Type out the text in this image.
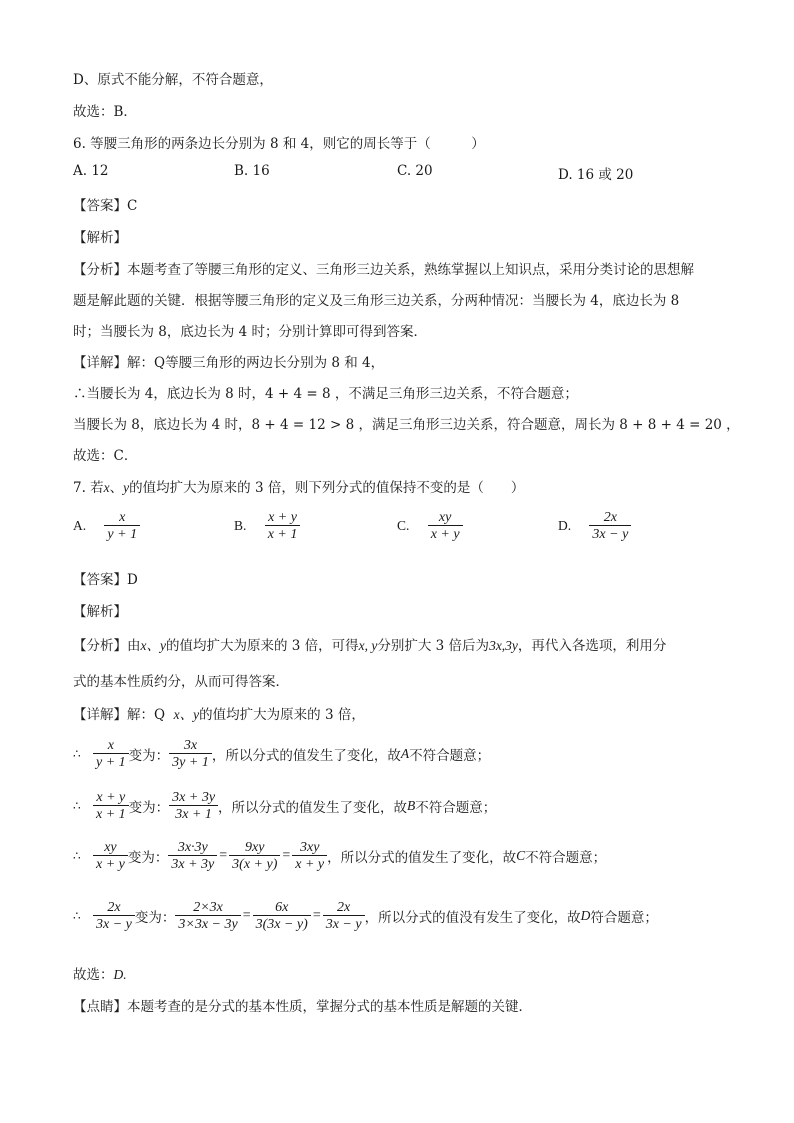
D、原式不能分解，不符合题意，
故选：B．
6. 等腰三角形的两条边长分别为 8 和 4，则它的周长等于（　　　）
A. 12	B. 16	C. 20	D. 16 或 20
【答案】C
【解析】
【分析】本题考查了等腰三角形的定义、三角形三边关系，熟练掌握以上知识点，采用分类讨论的思想解
题是解此题的关键．根据等腰三角形的定义及三角形三边关系，分两种情况：当腰长为 4，底边长为 8
时；当腰长为 8，底边长为 4 时；分别计算即可得到答案．
【详解】解：Q等腰三角形的两边长分别为 8 和 4，
∴当腰长为 4，底边长为 8 时，4 + 4 = 8 ，不满足三角形三边关系，不符合题意；
当腰长为 8，底边长为 4 时，8 + 4 = 12 > 8 ，满足三角形三边关系，符合题意，周长为 8 + 8 + 4 = 20 ，
故选：C．
7. 若x、y的值均扩大为原来的 3 倍，则下列分式的值保持不变的是（　　）
A. $\frac{x}{y + 1}$	B. $\frac{x + y}{x + 1}$	C. $\frac{xy}{x + y}$	D. $\frac{2x}{3x - y}$
【答案】D
【解析】
【分析】由x、y的值均扩大为原来的 3 倍，可得x, y分别扩大 3 倍后为3x,3y，再代入各选项，利用分
式的基本性质约分，从而可得答案．
【详解】解：Q x、y的值均扩大为原来的 3 倍，
∴ $\frac{x}{y + 1}$ 变为： $\frac{3x}{3y + 1}$ ，所以分式的值发生了变化，故 A 不符合题意；
∴ $\frac{x + y}{x + 1}$ 变为： $\frac{3x + 3y}{3x + 1}$ ，所以分式的值发生了变化，故 B 不符合题意；
∴ $\frac{xy}{x + y}$ 变为： $\frac{3x\cdot 3y}{3x + 3y} = \frac{9xy}{3(x + y)} = \frac{3xy}{x + y}$ ，所以分式的值发生了变化，故 C 不符合题意；
∴ $\frac{2x}{3x - y}$ 变为： $\frac{2\times 3x}{3\times 3x - 3y} = \frac{6x}{3(3x - y)} = \frac{2x}{3x - y}$ ，所以分式的值没有发生了变化，故 D 符合题意；
故选：D.
【点睛】本题考查的是分式的基本性质，掌握分式的基本性质是解题的关键．
